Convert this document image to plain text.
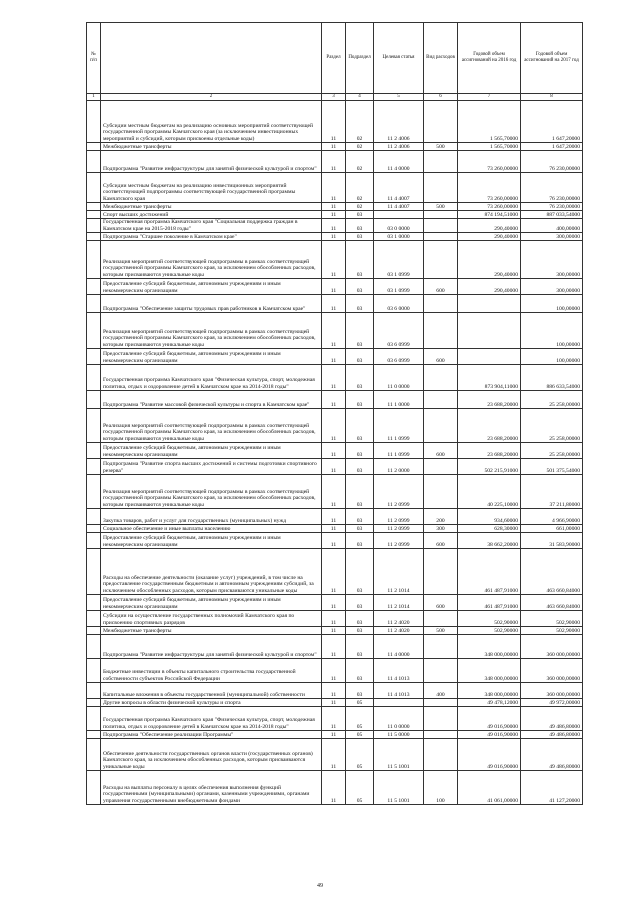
№ п/п		Раздел	Подраздел	Целевая статья	Вид расходов	Годовой объем ассигнований на 2016 год	Годовой объем ассигнований на 2017 год
1	2	3	4	5	6	7	8
	Субсидии местным бюджетам на реализацию основных мероприятий соответствующей государственной программы Камчатского края (за исключением инвестиционных мероприятий и субсидий, которым присвоены отдельные коды)	11	02	11 2 4006		1 565,70000	1 647,20000
	Межбюджетные трансферты	11	02	11 2 4006	500	1 565,70000	1 647,20000
	Подпрограмма "Развитие инфраструктуры для занятий физической культурой и спортом"	11	02	11 4 0000		73 260,00000	76 230,00000
	Субсидии местным бюджетам на реализацию инвестиционных мероприятий соответствующей подпрограммы соответствующей государственной программы Камчатского края	11	02	11 4 4007		73 260,00000	76 230,00000
	Межбюджетные трансферты	11	02	11 4 4007	500	73 260,00000	76 230,00000
	Спорт высших достижений	11	03			874 194,51000	887 033,54000
	Государственная программа Камчатского края "Социальная поддержка граждан в Камчатском крае на 2015-2018 годы"	11	03	03 0 0000		290,40000	400,00000
	Подпрограмма "Старшее поколение в Камчатском крае"	11	03	03 1 0000		290,40000	300,00000
	Реализация мероприятий соответствующей подпрограммы в рамках соответствующей государственной программы Камчатского края, за исключением обособленных расходов, которым присваиваются уникальные коды	11	03	03 1 0999		290,40000	300,00000
	Предоставление субсидий бюджетным, автономным учреждениям и иным некоммерческим организациям	11	03	03 1 0999	600	290,40000	300,00000
	Подпрограмма "Обеспечение защиты трудовых прав работников в Камчатском крае"	11	03	03 6 0000			100,00000
	Реализация мероприятий соответствующей подпрограммы в рамках соответствующей государственной программы Камчатского края, за исключением обособленных расходов, которым присваиваются уникальные коды	11	03	03 6 0999			100,00000
	Предоставление субсидий бюджетным, автономным учреждениям и иным некоммерческим организациям	11	03	03 6 0999	600		100,00000
	Государственная программа Камчатского края "Физическая культура, спорт, молодежная политика, отдых и оздоровление детей в Камчатском крае на 2014-2018 годы"	11	03	11 0 0000		873 904,11000	886 633,54000
	Подпрограмма "Развитие массовой физической культуры и спорта в Камчатском крае"	11	03	11 1 0000		23 688,20000	25 258,00000
	Реализация мероприятий соответствующей подпрограммы в рамках соответствующей государственной программы Камчатского края, за исключением обособленных расходов, которым присваиваются уникальные коды	11	03	11 1 0999		23 688,20000	25 258,00000
	Предоставление субсидий бюджетным, автономным учреждениям и иным некоммерческим организациям	11	03	11 1 0999	600	23 688,20000	25 258,00000
	Подпрограмма "Развитие спорта высших достижений и системы подготовки спортивного резерва"	11	03	11 2 0000		502 215,91000	501 375,54000
	Реализация мероприятий соответствующей подпрограммы в рамках соответствующей государственной программы Камчатского края, за исключением обособленных расходов, которым присваиваются уникальные коды	11	03	11 2 0999		40 225,10000	37 211,80000
	Закупка товаров, работ и услуг для государственных (муниципальных) нужд	11	03	11 2 0999	200	934,60000	4 966,90000
	Социальное обеспечение и иные выплаты населению	11	03	11 2 0999	300	628,30000	661,00000
	Предоставление субсидий бюджетным, автономным учреждениям и иным некоммерческим организациям	11	03	11 2 0999	600	38 662,20000	31 583,90000
	Расходы на обеспечение деятельности (оказание услуг) учреждений, в том числе на предоставление государственным бюджетным и автономным учреждениям субсидий, за исключением обособленных расходов, которым присваиваются уникальные коды	11	03	11 2 1014		461 487,91000	463 660,84000
	Предоставление субсидий бюджетным, автономным учреждениям и иным некоммерческим организациям	11	03	11 2 1014	600	461 487,91000	463 660,84000
	Субсидии на осуществление государственных полномочий Камчатского края по присвоению спортивных разрядов	11	03	11 2 4020		502,90000	502,90000
	Межбюджетные трансферты	11	03	11 2 4020	500	502,90000	502,90000
	Подпрограмма "Развитие инфраструктуры для занятий физической культурой и спортом"	11	03	11 4 0000		348 000,00000	360 000,00000
	Бюджетные инвестиции в объекты капитального строительства государственной собственности субъектов Российской Федерации	11	03	11 4 1013		348 000,00000	360 000,00000
	Капитальные вложения в объекты государственной (муниципальной) собственности	11	03	11 4 1013	400	348 000,00000	360 000,00000
	Другие вопросы в области физической культуры и спорта	11	05			49 478,12000	49 972,00000
	Государственная программа Камчатского края "Физическая культура, спорт, молодежная политика, отдых и оздоровление детей в Камчатском крае на 2014-2018 годы"	11	05	11 0 0000		49 016,90000	49 486,80000
	Подпрограмма "Обеспечение реализации Программы"	11	05	11 5 0000		49 016,90000	49 486,80000
	Обеспечение деятельности государственных органов власти (государственных органов) Камчатского края, за исключением обособленных расходов, которым присваиваются уникальные коды	11	05	11 5 1001		49 016,90000	49 486,80000
	Расходы на выплаты персоналу в целях обеспечения выполнения функций государственными (муниципальными) органами, казенными учреждениями, органами управления государственными внебюджетными фондами	11	05	11 5 1001	100	41 061,00000	41 127,20000
49
